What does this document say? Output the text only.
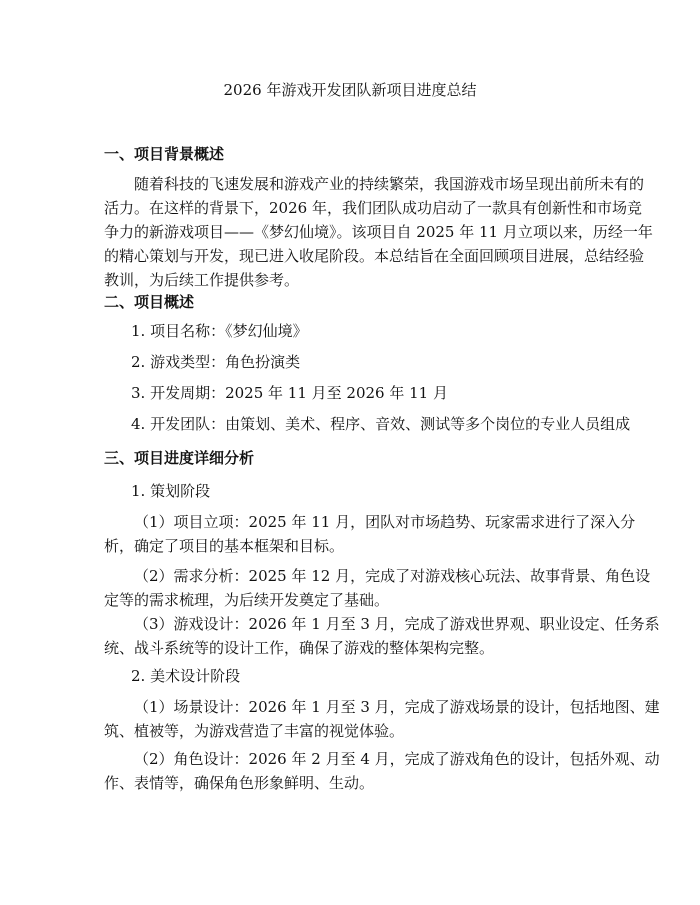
2026 年游戏开发团队新项目进度总结
一、项目背景概述
随着科技的飞速发展和游戏产业的持续繁荣，我国游戏市场呈现出前所未有的
活力。在这样的背景下，2026 年，我们团队成功启动了一款具有创新性和市场竞
争力的新游戏项目——《梦幻仙境》。该项目自 2025 年 11 月立项以来，历经一年
的精心策划与开发，现已进入收尾阶段。本总结旨在全面回顾项目进展，总结经验
教训，为后续工作提供参考。
二、项目概述
1. 项目名称：《梦幻仙境》
2. 游戏类型：角色扮演类
3. 开发周期：2025 年 11 月至 2026 年 11 月
4. 开发团队：由策划、美术、程序、音效、测试等多个岗位的专业人员组成
三、项目进度详细分析
1. 策划阶段
（1）项目立项：2025 年 11 月，团队对市场趋势、玩家需求进行了深入分
析，确定了项目的基本框架和目标。
（2）需求分析：2025 年 12 月，完成了对游戏核心玩法、故事背景、角色设
定等的需求梳理，为后续开发奠定了基础。
（3）游戏设计：2026 年 1 月至 3 月，完成了游戏世界观、职业设定、任务系
统、战斗系统等的设计工作，确保了游戏的整体架构完整。
2. 美术设计阶段
（1）场景设计：2026 年 1 月至 3 月，完成了游戏场景的设计，包括地图、建
筑、植被等，为游戏营造了丰富的视觉体验。
（2）角色设计：2026 年 2 月至 4 月，完成了游戏角色的设计，包括外观、动
作、表情等，确保角色形象鲜明、生动。
